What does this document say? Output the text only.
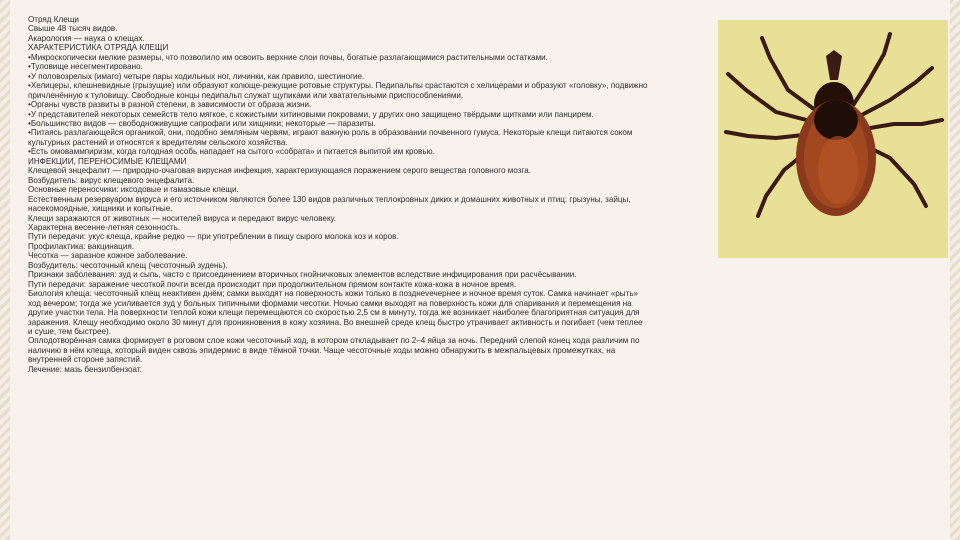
Отряд Клещи

Свыше 48 тысяч видов.

Акарология — наука о клещах.

ХАРАКТЕРИСТИКА ОТРЯДА КЛЕЩИ

•Микроскопически мелкие размеры, что позволило им освоить верхние слои почвы, богатые разлагающимися растительными остатками.

•Туловище несегментировано.

•У половозрелых (имаго) четыре пары ходильных ног, личинки, как правило, шестиногие.

•Хелицеры, клешневидные (грызущие) или образуют колюще-режущие ротовые структуры. Педипальпы срастаются с хелицерами и образуют «головку», подвижно

причленённую к туловищу. Свободные концы педипальп служат щупиками или хватательными приспособлениями.

•Органы чувств развиты в разной степени, в зависимости от образа жизни.

•У представителей некоторых семейств тело мягкое, с кожистыми хитиновыми покровами, у других оно защищено твёрдыми щитками или панцирем.

•Большинство видов — свободноживущие сапрофаги или хищники; некоторые — паразиты.

•Питаясь разлагающейся органикой, они, подобно земляным червям, играют важную роль в образовании почвенного гумуса. Некоторые клещи питаются соком

культурных растений и относятся к вредителям сельского хозяйства.

•Есть омоваммпиризм, когда голодная особь нападает на сытого «собрата» и питается выпитой им кровью.

ИНФЕКЦИИ, ПЕРЕНОСИМЫЕ КЛЕЩАМИ

Клещевой энцефалит — природно-очаговая вирусная инфекция, характеризующаяся поражением серого вещества головного мозга.

Возбудитель: вирус клещевого энцефалита.

Основные переносчики: иксодовые и гамазовые клещи.

Естественным резервуаром вируса и его источником являются более 130 видов различных теплокровных диких и домашних животных и птиц: грызуны, зайцы,

насекомоядные, хищники и копытные.

Клещи заражаются от животных — носителей вируса и передают вирус человеку.

Характерна весенне-летняя сезонность.

Пути передачи: укус клеща, крайне редко — при употреблении в пищу сырого молока коз и коров.

Профилактика: вакцинация.

Чесотка — заразное кожное заболевание.

Возбудитель: чесоточный клещ (чесоточный зудень).

Признаки заболевания: зуд и сыпь, часто с присоединением вторичных гнойничковых элементов вследствие инфицирования при расчёсывании.

Пути передачи: заражение чесоткой почти всегда происходит при продолжительном прямом контакте кожа-кожа в ночное время.

Биология клеща: чесоточный клещ неактивен днём; самки выходят на поверхность кожи только в позднevечернее и ночное время суток. Самка начинает «рыть»

ход вечером; тогда же усиливается зуд у больных типичными формами чесотки. Ночью самки выходят на поверхность кожи для спаривания и перемещения на

другие участки тела. На поверхности теплой кожи клещи перемещаются со скоростью 2,5 см в минуту, тогда же возникает наиболее благоприятная ситуация для

заражения. Клещу необходимо около 30 минут для проникновения в кожу хозяина. Во внешней среде клещ быстро утрачивает активность и погибает (чем теплее

и суше, тем быстрее).

Оплодотворённая самка формирует в роговом слое кожи чесоточный ход, в котором откладывает по 2–4 яйца за ночь. Передний слепой конец хода различим по

наличию в нём клеща, который виден сквозь эпидермис в виде тёмной точки. Чаще чесоточные ходы можно обнаружить в межпальцевых промежутках, на

внутренней стороне запястий.

Лечение: мазь бензилбензоат.
